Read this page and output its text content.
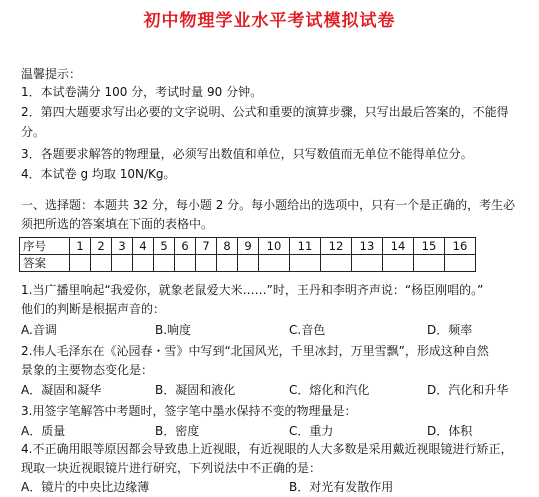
初中物理学业水平考试模拟试卷
温馨提示：
1．本试卷满分 100 分，考试时量 90 分钟。
2．第四大题要求写出必要的文字说明、公式和重要的演算步骤，只写出最后答案的，不能得
分。
3．各题要求解答的物理量，必须写出数值和单位，只写数值而无单位不能得单位分。
4．本试卷 g 均取 10N/Kg。
一、选择题：本题共 32 分，每小题 2 分。每小题给出的选项中，只有一个是正确的，考生必
须把所选的答案填在下面的表格中。
序号	1	2	3	4	5	6	7	8	9	10	11	12	13	14	15	16
答案																
1.当广播里响起“我爱你，就象老鼠爱大米……”时，王丹和李明齐声说：“杨臣刚唱的。”
他们的判断是根据声音的：
A.音调	B.响度	C.音色	D．频率
2.伟人毛泽东在《沁园春・雪》中写到“北国风光，千里冰封，万里雪飘”，形成这种自然
景象的主要物态变化是：
A．凝固和凝华	B．凝固和液化	C．熔化和汽化	D．汽化和升华
3.用签字笔解答中考题时，签字笔中墨水保持不变的物理量是：
A．质量	B．密度	C．重力	D．体积
4.不正确用眼等原因都会导致患上近视眼，有近视眼的人大多数是采用戴近视眼镜进行矫正，
现取一块近视眼镜片进行研究，下列说法中不正确的是：
A．镜片的中央比边缘薄	B．对光有发散作用
